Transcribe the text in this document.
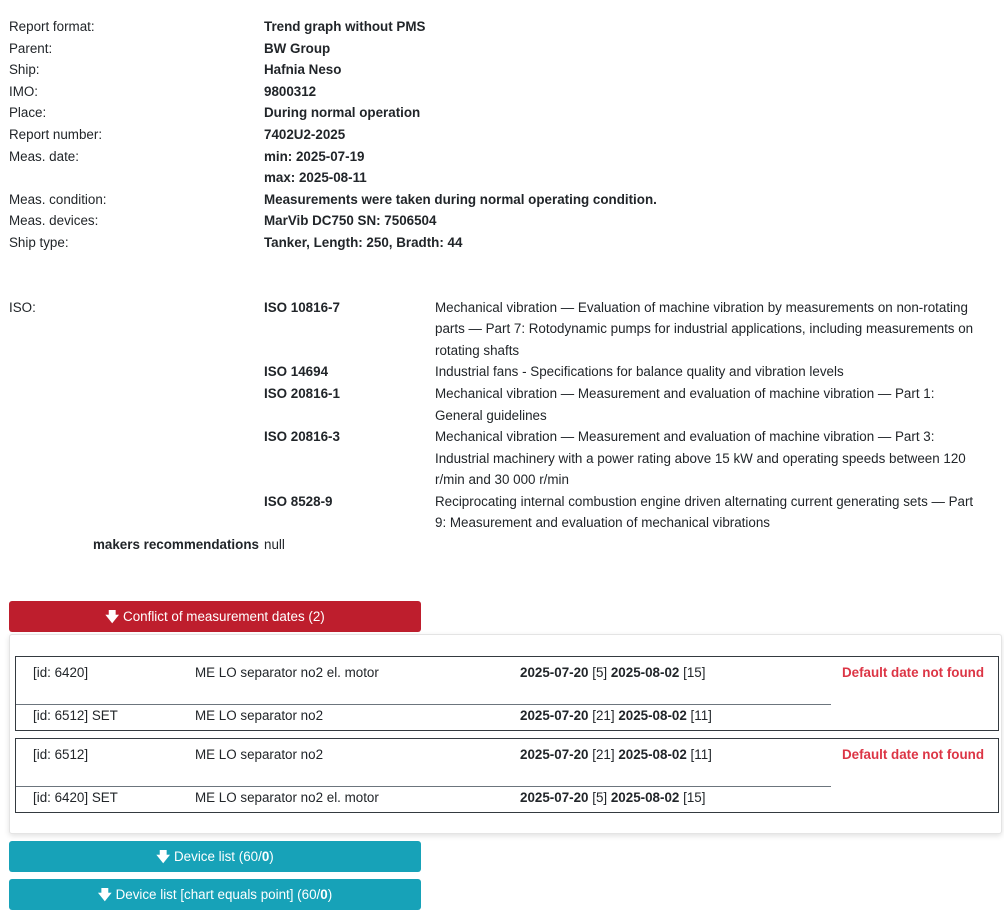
Report format:	Trend graph without PMS
Parent:	BW Group
Ship:	Hafnia Neso
IMO:	9800312
Place:	During normal operation
Report number:	7402U2-2025
Meas. date:	min: 2025-07-19
max: 2025-08-11
Meas. condition:	Measurements were taken during normal operating condition.
Meas. devices:	MarVib DC750 SN: 7506504
Ship type:	Tanker, Length: 250, Bradth: 44
ISO:	ISO 10816-7	Mechanical vibration — Evaluation of machine vibration by measurements on non-rotating parts — Part 7: Rotodynamic pumps for industrial applications, including measurements on rotating shafts
ISO 14694	Industrial fans - Specifications for balance quality and vibration levels
ISO 20816-1	Mechanical vibration — Measurement and evaluation of machine vibration — Part 1: General guidelines
ISO 20816-3	Mechanical vibration — Measurement and evaluation of machine vibration — Part 3: Industrial machinery with a power rating above 15 kW and operating speeds between 120 r/min and 30 000 r/min
ISO 8528-9	Reciprocating internal combustion engine driven alternating current generating sets — Part 9: Measurement and evaluation of mechanical vibrations
makers recommendations null
🡇 Conflict of measurement dates (2)
[id: 6420]	ME LO separator no2 el. motor	2025-07-20 [5] 2025-08-02 [15]
[id: 6512] SET	ME LO separator no2	2025-07-20 [21] 2025-08-02 [11]
Default date not found
[id: 6512]	ME LO separator no2	2025-07-20 [21] 2025-08-02 [11]
[id: 6420] SET	ME LO separator no2 el. motor	2025-07-20 [5] 2025-08-02 [15]
Default date not found
🡇 Device list (60/0)
🡇 Device list [chart equals point] (60/0)
